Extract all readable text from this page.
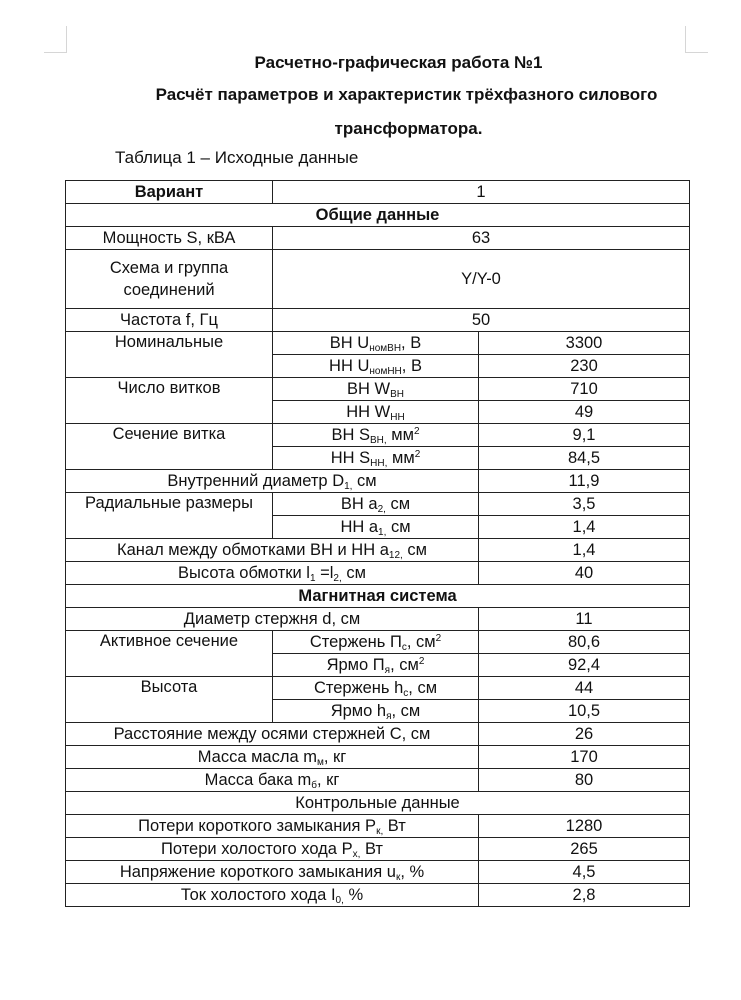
Расчетно-графическая работа №1
Расчёт параметров и характеристик трёхфазного силового
трансформатора.
Таблица 1 – Исходные данные
Вариант	1	
Общие данные		
Мощность S, кВА	63	
Схема и группа соединений	Y/Y-0	
Частота f, Гц	50	
Номинальные	ВН $U_{номВН}$, В	3300
	НН $U_{номНН}$, В	230
Число витков	ВН $W_{ВН}$	710
	НН $W_{НН}$	49
Сечение витка	ВН $S_{ВН,}$ $мм^2$	9,1
	НН $S_{НН,}$ $мм^2$	84,5
Внутренний диаметр $D_{1,}$ см		11,9
Радиальные размеры	ВН $a_{2,}$ см	3,5
	НН $a_{1,}$ см	1,4
Канал между обмотками ВН и НН $a_{12,}$ см		1,4
Высота обмотки $l_1 =l_{2,}$ см		40
Магнитная система		
Диаметр стержня d, см		11
Активное сечение	Стержень $П_с$, $см^2$	80,6
	Ярмо $П_я$, $см^2$	92,4
Высота	Стержень $h_с$, см	44
	Ярмо $h_я$, см	10,5
Расстояние между осями стержней C, см		26
Масса масла $m_м$, кг		170
Масса бака $m_б$, кг		80
Контрольные данные		
Потери короткого замыкания $P_{к,}$ Вт		1280
Потери холостого хода $P_{х,}$ Вт		265
Напряжение короткого замыкания $u_к$, %		4,5
Ток холостого хода $I_{0,}$ %		2,8
